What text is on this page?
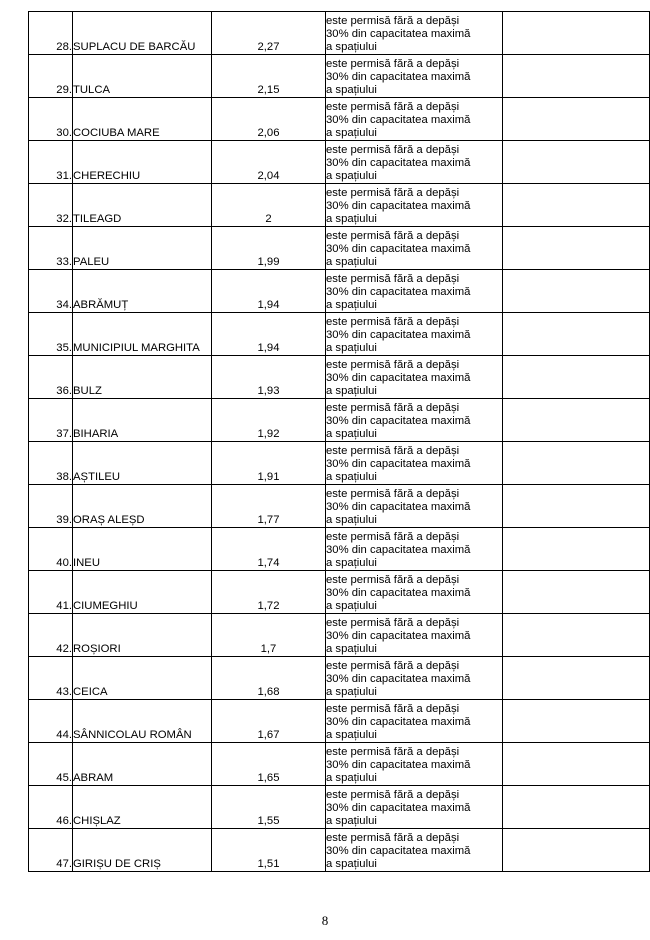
28.	SUPLACU DE BARCĂU	2,27	este permisă fără a depăși
30% din capacitatea maximă
a spațiului	

29.	TULCA	2,15	este permisă fără a depăși
30% din capacitatea maximă
a spațiului	

30.	COCIUBA MARE	2,06	este permisă fără a depăși
30% din capacitatea maximă
a spațiului	

31.	CHERECHIU	2,04	este permisă fără a depăși
30% din capacitatea maximă
a spațiului	

32.	TILEAGD	2	este permisă fără a depăși
30% din capacitatea maximă
a spațiului	

33.	PALEU	1,99	este permisă fără a depăși
30% din capacitatea maximă
a spațiului	

34.	ABRĂMUȚ	1,94	este permisă fără a depăși
30% din capacitatea maximă
a spațiului	

35.	MUNICIPIUL MARGHITA	1,94	este permisă fără a depăși
30% din capacitatea maximă
a spațiului	

36.	BULZ	1,93	este permisă fără a depăși
30% din capacitatea maximă
a spațiului	

37.	BIHARIA	1,92	este permisă fără a depăși
30% din capacitatea maximă
a spațiului	

38.	AȘTILEU	1,91	este permisă fără a depăși
30% din capacitatea maximă
a spațiului	

39.	ORAȘ ALEȘD	1,77	este permisă fără a depăși
30% din capacitatea maximă
a spațiului	

40.	INEU	1,74	este permisă fără a depăși
30% din capacitatea maximă
a spațiului	

41.	CIUMEGHIU	1,72	este permisă fără a depăși
30% din capacitatea maximă
a spațiului	

42.	ROȘIORI	1,7	este permisă fără a depăși
30% din capacitatea maximă
a spațiului	

43.	CEICA	1,68	este permisă fără a depăși
30% din capacitatea maximă
a spațiului	

44.	SÂNNICOLAU ROMÂN	1,67	este permisă fără a depăși
30% din capacitatea maximă
a spațiului	

45.	ABRAM	1,65	este permisă fără a depăși
30% din capacitatea maximă
a spațiului	

46.	CHIȘLAZ	1,55	este permisă fără a depăși
30% din capacitatea maximă
a spațiului	

47.	GIRIȘU DE CRIȘ	1,51	este permisă fără a depăși
30% din capacitatea maximă
a spațiului	

8
